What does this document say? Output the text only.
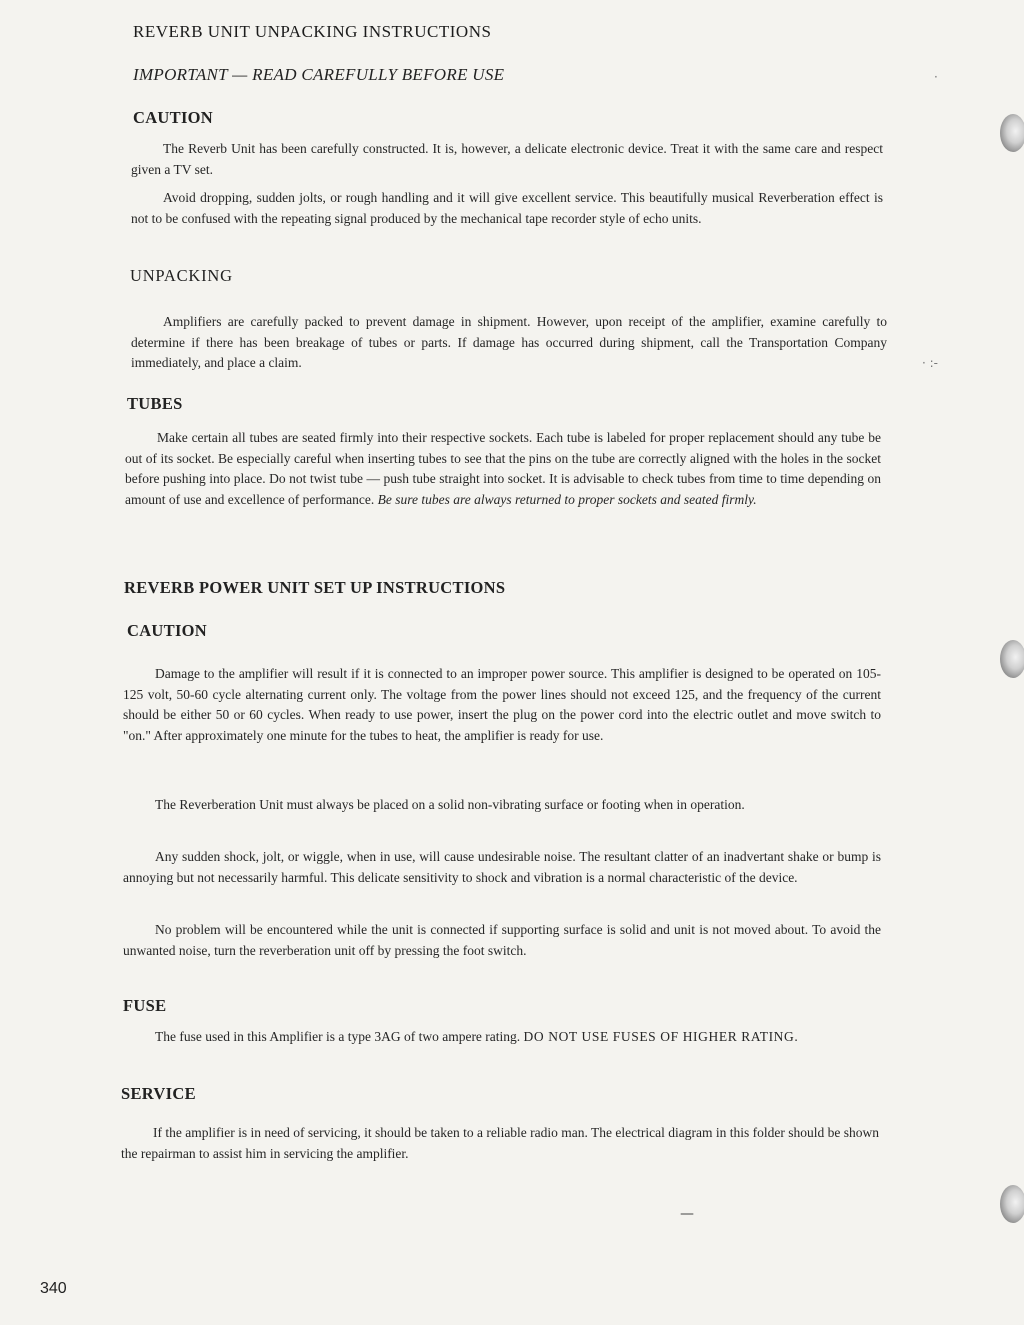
REVERB UNIT UNPACKING INSTRUCTIONS
IMPORTANT — READ CAREFULLY BEFORE USE
CAUTION
The Reverb Unit has been carefully constructed. It is, however, a delicate electronic device. Treat it with the same care and respect given a TV set.
Avoid dropping, sudden jolts, or rough handling and it will give excellent service. This beautifully musical Reverberation effect is not to be confused with the repeating signal produced by the mechanical tape recorder style of echo units.
UNPACKING
Amplifiers are carefully packed to prevent damage in shipment. However, upon receipt of the amplifier, examine carefully to determine if there has been breakage of tubes or parts. If damage has occurred during shipment, call the Transportation Company immediately, and place a claim.
TUBES
Make certain all tubes are seated firmly into their respective sockets. Each tube is labeled for proper replacement should any tube be out of its socket. Be especially careful when inserting tubes to see that the pins on the tube are correctly aligned with the holes in the socket before pushing into place. Do not twist tube — push tube straight into socket. It is advisable to check tubes from time to time depending on amount of use and excellence of performance. Be sure tubes are always returned to proper sockets and seated firmly.
REVERB POWER UNIT SET UP INSTRUCTIONS
CAUTION
Damage to the amplifier will result if it is connected to an improper power source. This amplifier is designed to be operated on 105-125 volt, 50-60 cycle alternating current only. The voltage from the power lines should not exceed 125, and the frequency of the current should be either 50 or 60 cycles. When ready to use power, insert the plug on the power cord into the electric outlet and move switch to "on." After approximately one minute for the tubes to heat, the amplifier is ready for use.
The Reverberation Unit must always be placed on a solid non-vibrating surface or footing when in operation.
Any sudden shock, jolt, or wiggle, when in use, will cause undesirable noise. The resultant clatter of an inadvertant shake or bump is annoying but not necessarily harmful. This delicate sensitivity to shock and vibration is a normal characteristic of the device.
No problem will be encountered while the unit is connected if supporting surface is solid and unit is not moved about. To avoid the unwanted noise, turn the reverberation unit off by pressing the foot switch.
FUSE
The fuse used in this Amplifier is a type 3AG of two ampere rating. DO NOT USE FUSES OF HIGHER RATING.
SERVICE
If the amplifier is in need of servicing, it should be taken to a reliable radio man. The electrical diagram in this folder should be shown the repairman to assist him in servicing the amplifier.
340
·
· :-
—
